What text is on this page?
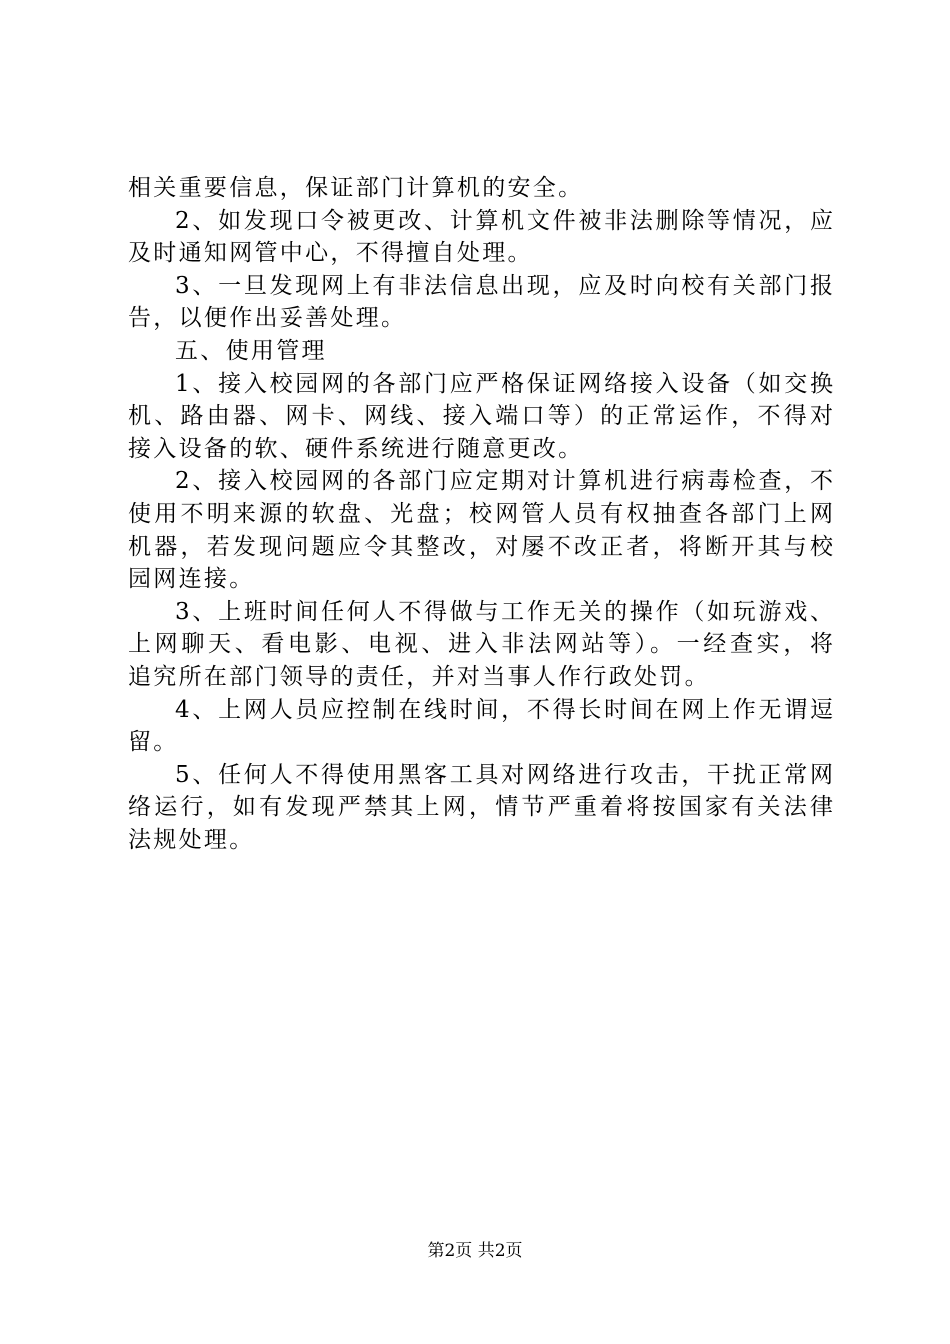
相关重要信息，保证部门计算机的安全。
2、如发现口令被更改、计算机文件被非法删除等情况，应
及时通知网管中心，不得擅自处理。
3、一旦发现网上有非法信息出现，应及时向校有关部门报
告，以便作出妥善处理。
五、使用管理
1、接入校园网的各部门应严格保证网络接入设备（如交换
机、路由器、网卡、网线、接入端口等）的正常运作，不得对
接入设备的软、硬件系统进行随意更改。
2、接入校园网的各部门应定期对计算机进行病毒检查，不
使用不明来源的软盘、光盘；校网管人员有权抽查各部门上网
机器，若发现问题应令其整改，对屡不改正者，将断开其与校
园网连接。
3、上班时间任何人不得做与工作无关的操作（如玩游戏、
上网聊天、看电影、电视、进入非法网站等）。一经查实，将
追究所在部门领导的责任，并对当事人作行政处罚。
4、上网人员应控制在线时间，不得长时间在网上作无谓逗
留。
5、任何人不得使用黑客工具对网络进行攻击，干扰正常网
络运行，如有发现严禁其上网，情节严重着将按国家有关法律
法规处理。
第2页 共2页
